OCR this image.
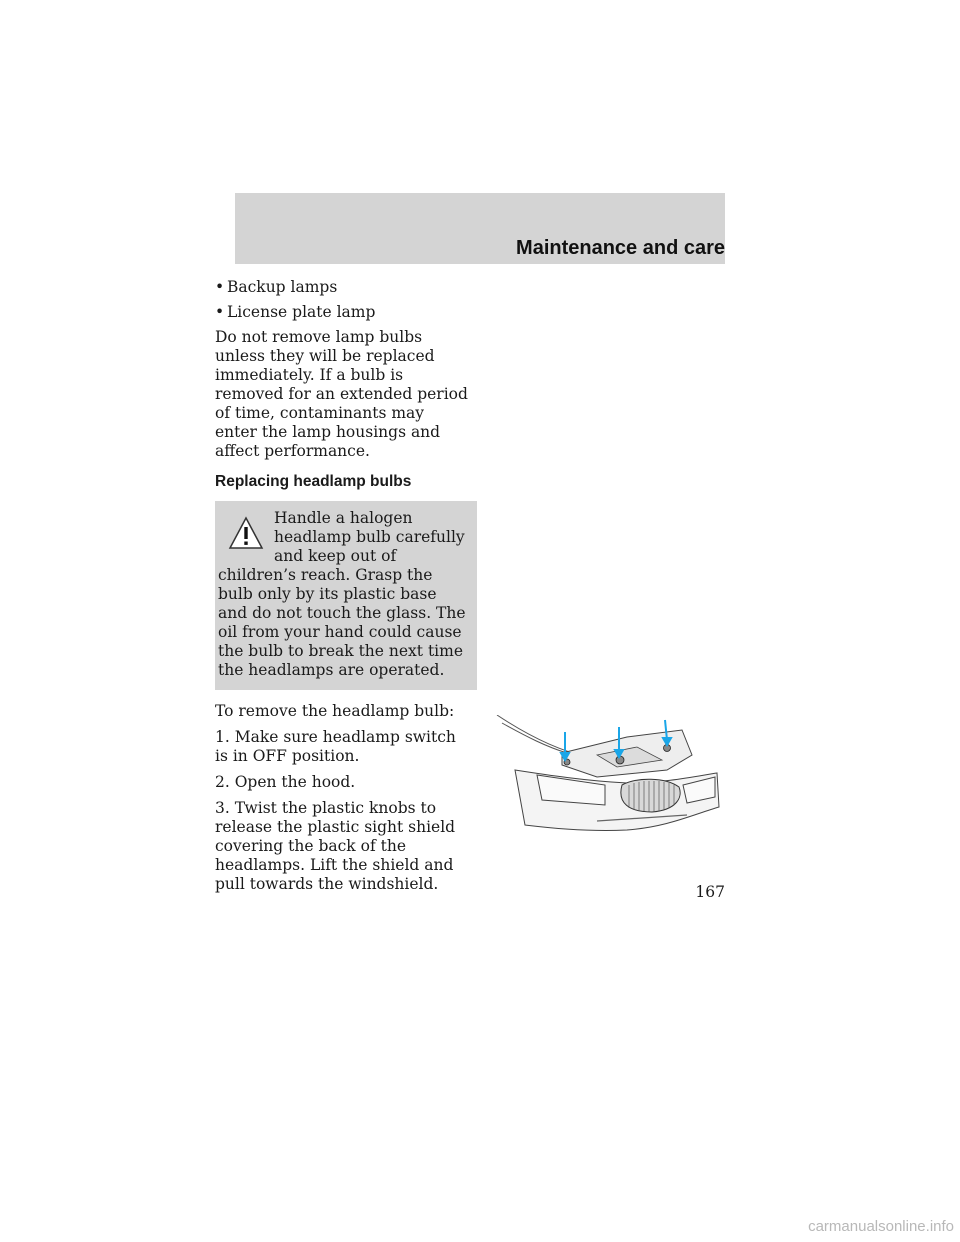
Maintenance and care
• Backup lamps
• License plate lamp

Do not remove lamp bulbs unless they will be replaced immediately. If a bulb is removed for an extended period of time, contaminants may enter the lamp housings and affect performance.

Replacing headlamp bulbs
Handle a halogen headlamp bulb carefully and keep out of children’s reach. Grasp the bulb only by its plastic base and do not touch the glass. The oil from your hand could cause the bulb to break the next time the headlamps are operated.

To remove the headlamp bulb:

1. Make sure headlamp switch is in OFF position.

2. Open the hood.

3. Twist the plastic knobs to release the plastic sight shield covering the back of the headlamps. Lift the shield and pull towards the windshield.	167
carmanualsonline.info
